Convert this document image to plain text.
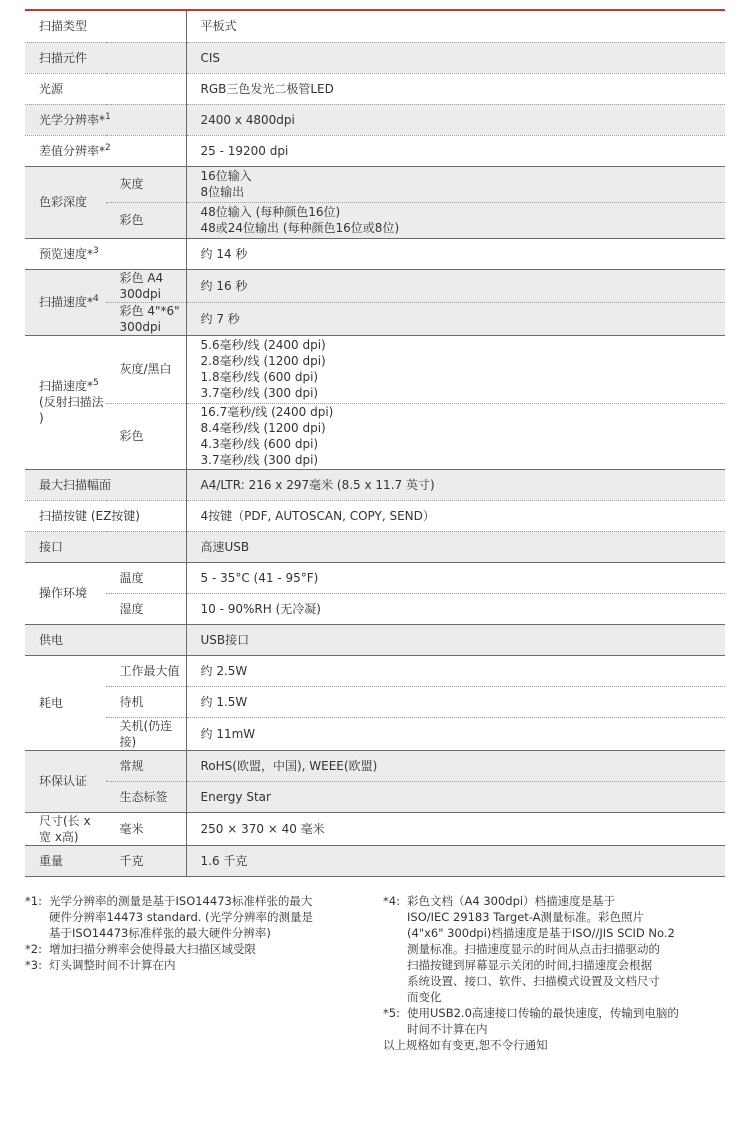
扫描类型		平板式
扫描元件		CIS
光源		RGB三色发光二极管LED
光学分辨率*$^1$		2400 x 4800dpi
差值分辨率*$^2$		25 - 19200 dpi
色彩深度	灰度	16位输入
8位输出

	彩色	48位输入 (每种颜色16位)
48或24位输出 (每种颜色16位或8位)

预览速度*$^3$		约 14 秒
扫描速度*$^4$	彩色 A4 300dpi	约 16 秒
	彩色 4"*6" 300dpi	约 7 秒

扫描速度*$^5$
(反射扫描法 )	灰度/黑白	5.6毫秒/线 (2400 dpi)
2.8毫秒/线 (1200 dpi)
1.8毫秒/线 (600 dpi)
3.7毫秒/线 (300 dpi)

	彩色	16.7毫秒/线 (2400 dpi)
8.4毫秒/线 (1200 dpi)
4.3毫秒/线 (600 dpi)
3.7毫秒/线 (300 dpi)

最大扫描幅面		A4/LTR: 216 x 297毫米 (8.5 x 11.7 英寸)
扫描按键 (EZ按键)		4按键（PDF, AUTOSCAN, COPY, SEND）
接口		高速USB
操作环境	温度	5 - 35°C (41 - 95°F)
	湿度	10 - 90%RH (无冷凝)
供电		USB接口
耗电	工作最大值	约 2.5W
	待机	约 1.5W
	关机(仍连接)	约 11mW
环保认证	常规	RoHS(欧盟，中国), WEEE(欧盟)
	生态标签	Energy Star
尺寸(长 x 宽 x高)	毫米	250 × 370 × 40 毫米
重量	千克	1.6 千克
*1: 光学分辨率的测量是基于ISO14473标准样张的最大
硬件分辨率14473 standard. (光学分辨率的测量是
基于ISO14473标准样张的最大硬件分辨率)
*2: 增加扫描分辨率会使得最大扫描区域受限
*3: 灯头调整时间不计算在内
*4: 彩色文档（A4 300dpi）档描速度是基于
ISO/IEC 29183 Target-A测量标准。彩色照片
(4"x6" 300dpi)档描速度是基于ISO//JIS SCID No.2
测量标准。扫描速度显示的时间从点击扫描驱动的
扫描按键到屏幕显示关闭的时间,扫描速度会根据
系统设置、接口、软件、扫描模式设置及文档尺寸
而变化
*5: 使用USB2.0高速接口传输的最快速度，传输到电脑的
时间不计算在内
以上规格如有变更,恕不令行通知
